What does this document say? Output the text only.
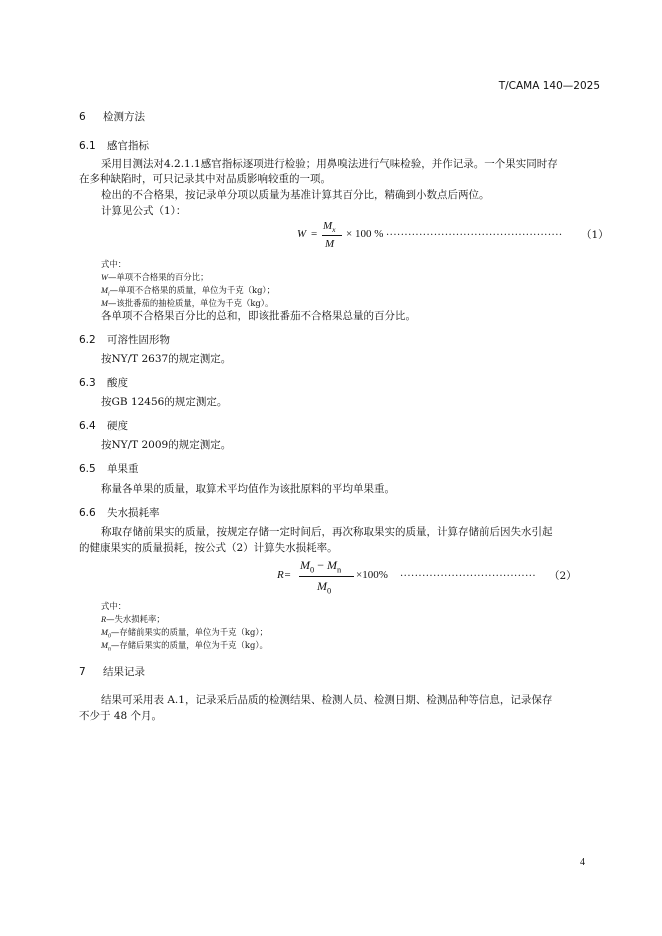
T/CAMA 140—2025
6 检测方法
6.1 感官指标
采用目测法对4.2.1.1感官指标逐项进行检验；用鼻嗅法进行气味检验，并作记录。一个果实同时存
在多种缺陷时，可只记录其中对品质影响较重的一项。
检出的不合格果，按记录单分项以质量为基准计算其百分比，精确到小数点后两位。
计算见公式（1）：
W =
$M_x$
M
× 100 % ................................................ （1）
式中：
W—单项不合格果的百分比；
$M_i—$单项不合格果的质量，单位为千克（kg）；
M—该批番茄的抽检质量，单位为千克（kg）。
各单项不合格果百分比的总和，即该批番茄不合格果总量的百分比。
6.2 可溶性固形物
按NY/T 2637的规定测定。
6.3 酸度
按GB 12456的规定测定。
6.4 硬度
按NY/T 2009的规定测定。
6.5 单果重
称量各单果的质量，取算术平均值作为该批原料的平均单果重。
6.6 失水损耗率
称取存储前果实的质量，按规定存储一定时间后，再次称取果实的质量，计算存储前后因失水引起
的健康果实的质量损耗，按公式（2）计算失水损耗率。
R=
$M_0 - M_n$
$M_0$
×100% ..................................... （2）
式中：
R—失水损耗率；
$M_0—$存储前果实的质量，单位为千克（kg）；
$M_n—$存储后果实的质量，单位为千克（kg）。
7 结果记录
结果可采用表 A.1，记录采后品质的检测结果、检测人员、检测日期、检测品种等信息，记录保存
不少于 48 个月。
4
